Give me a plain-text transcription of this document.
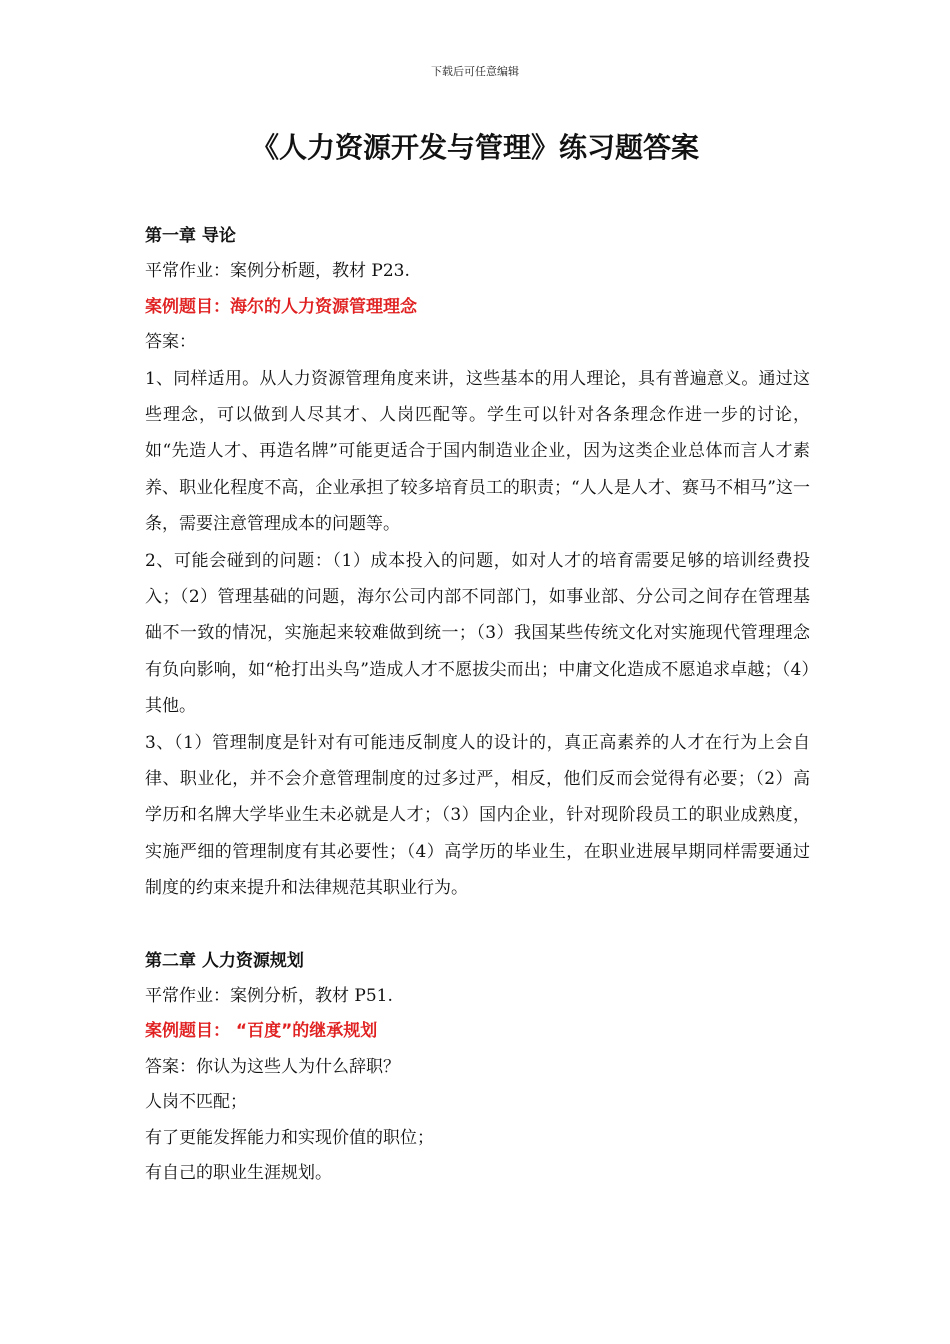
下载后可任意编辑
《人力资源开发与管理》练习题答案
第一章 导论
平常作业：案例分析题，教材 P23.
案例题目：海尔的人力资源管理理念
答案：

1、同样适用。从人力资源管理角度来讲，这些基本的用人理论，具有普遍意义。通过这些理念，可以做到人尽其才、人岗匹配等。学生可以针对各条理念作进一步的讨论，如“先造人才、再造名牌”可能更适合于国内制造业企业，因为这类企业总体而言人才素养、职业化程度不高，企业承担了较多培育员工的职责；“人人是人才、赛马不相马”这一条，需要注意管理成本的问题等。

2、可能会碰到的问题：（1）成本投入的问题，如对人才的培育需要足够的培训经费投入；（2）管理基础的问题，海尔公司内部不同部门，如事业部、分公司之间存在管理基础不一致的情况，实施起来较难做到统一；（3）我国某些传统文化对实施现代管理理念有负向影响，如“枪打出头鸟”造成人才不愿拔尖而出；中庸文化造成不愿追求卓越；（4）其他。

3、（1）管理制度是针对有可能违反制度人的设计的，真正高素养的人才在行为上会自律、职业化，并不会介意管理制度的过多过严，相反，他们反而会觉得有必要；（2）高学历和名牌大学毕业生未必就是人才；（3）国内企业，针对现阶段员工的职业成熟度，实施严细的管理制度有其必要性；（4）高学历的毕业生，在职业进展早期同样需要通过制度的约束来提升和法律规范其职业行为。

第二章 人力资源规划
平常作业：案例分析，教材 P51.
案例题目： “百度”的继承规划
答案：你认为这些人为什么辞职？
人岗不匹配；
有了更能发挥能力和实现价值的职位；
有自己的职业生涯规划。
